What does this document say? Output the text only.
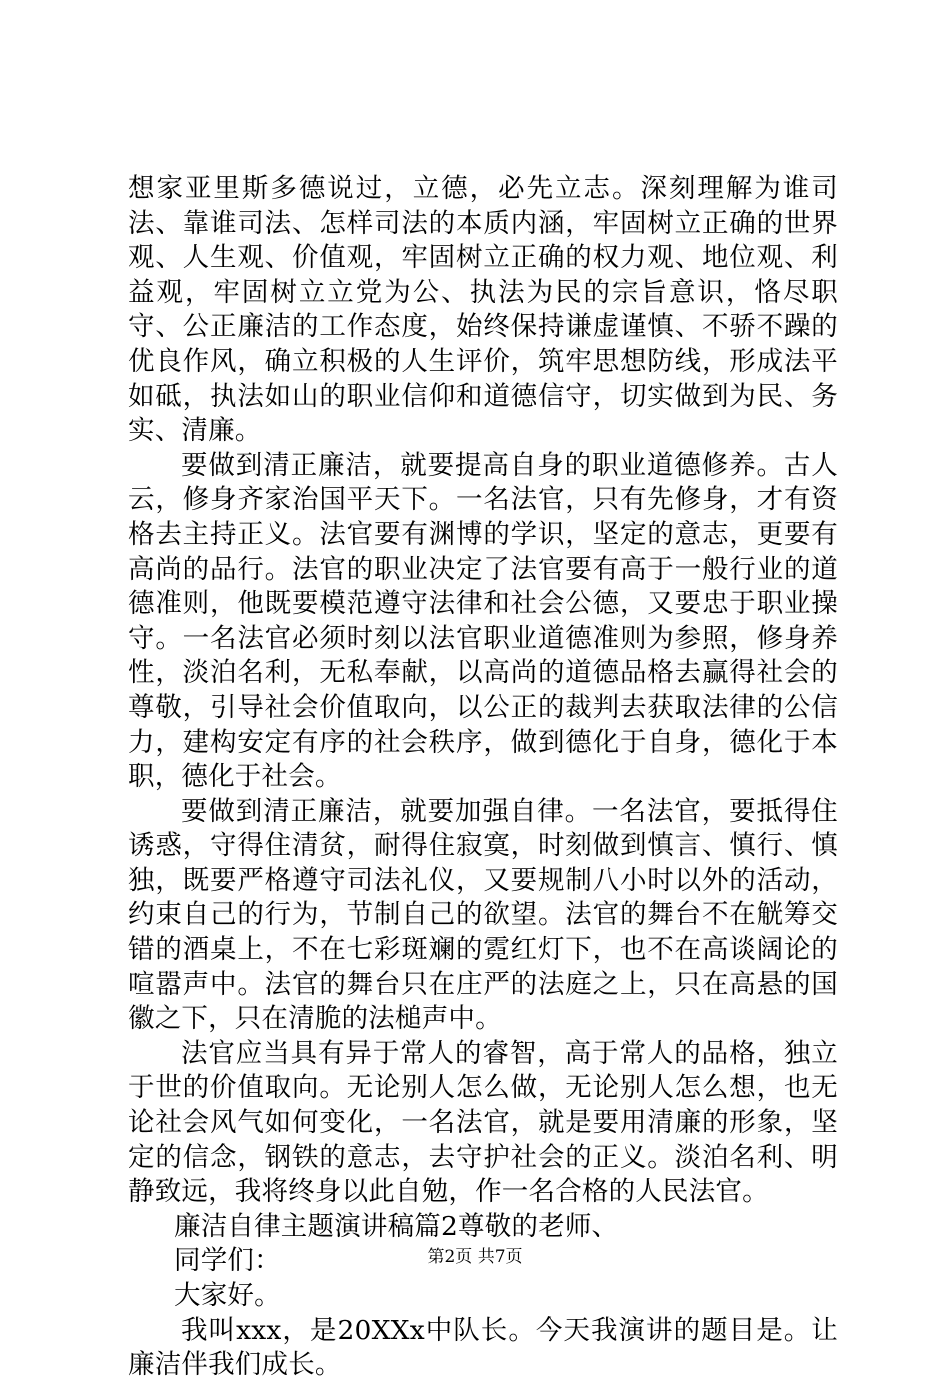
想家亚里斯多德说过，立德，必先立志。深刻理解为谁司法、靠谁司法、怎样司法的本质内涵，牢固树立正确的世界观、人生观、价值观，牢固树立正确的权力观、地位观、利益观，牢固树立立党为公、执法为民的宗旨意识，恪尽职守、公正廉洁的工作态度，始终保持谦虚谨慎、不骄不躁的优良作风，确立积极的人生评价，筑牢思想防线，形成法平如砥，执法如山的职业信仰和道德信守，切实做到为民、务实、清廉。

要做到清正廉洁，就要提高自身的职业道德修养。古人云，修身齐家治国平天下。一名法官，只有先修身，才有资格去主持正义。法官要有渊博的学识，坚定的意志，更要有高尚的品行。法官的职业决定了法官要有高于一般行业的道德准则，他既要模范遵守法律和社会公德，又要忠于职业操守。一名法官必须时刻以法官职业道德准则为参照，修身养性，淡泊名利，无私奉献，以高尚的道德品格去赢得社会的尊敬，引导社会价值取向，以公正的裁判去获取法律的公信力，建构安定有序的社会秩序，做到德化于自身，德化于本职，德化于社会。

要做到清正廉洁，就要加强自律。一名法官，要抵得住诱惑，守得住清贫，耐得住寂寞，时刻做到慎言、慎行、慎独，既要严格遵守司法礼仪，又要规制八小时以外的活动，约束自己的行为，节制自己的欲望。法官的舞台不在觥筹交错的酒桌上，不在七彩斑斓的霓红灯下，也不在高谈阔论的喧嚣声中。法官的舞台只在庄严的法庭之上，只在高悬的国徽之下，只在清脆的法槌声中。

法官应当具有异于常人的睿智，高于常人的品格，独立于世的价值取向。无论别人怎么做，无论别人怎么想，也无论社会风气如何变化，一名法官，就是要用清廉的形象，坚定的信念，钢铁的意志，去守护社会的正义。淡泊名利、明静致远，我将终身以此自勉，作一名合格的人民法官。

廉洁自律主题演讲稿篇2尊敬的老师、

同学们：

大家好。

我叫xxx，是20XXx中队长。今天我演讲的题目是。让廉洁伴我们成长。

第2页 共7页
